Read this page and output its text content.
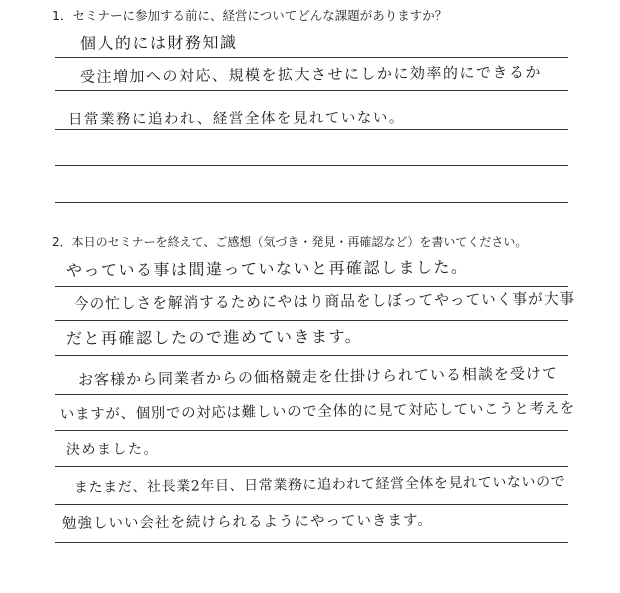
1．セミナーに参加する前に、経営についてどんな課題がありますか？
個人的には財務知識
受注増加への対応、規模を拡大させにしかに効率的にできるか
日常業務に追われ、経営全体を見れていない。
2．本日のセミナーを終えて、ご感想（気づき・発見・再確認など）を書いてください。
やっている事は間違っていないと再確認しました。
今の忙しさを解消するためにやはり商品をしぼってやっていく事が大事
だと再確認したので進めていきます。
お客様から同業者からの価格競走を仕掛けられている相談を受けて
いますが、個別での対応は難しいので全体的に見て対応していこうと考えを
決めました。
またまだ、社長業2年目、日常業務に追われて経営全体を見れていないので
勉強しいい会社を続けられるようにやっていきます。
